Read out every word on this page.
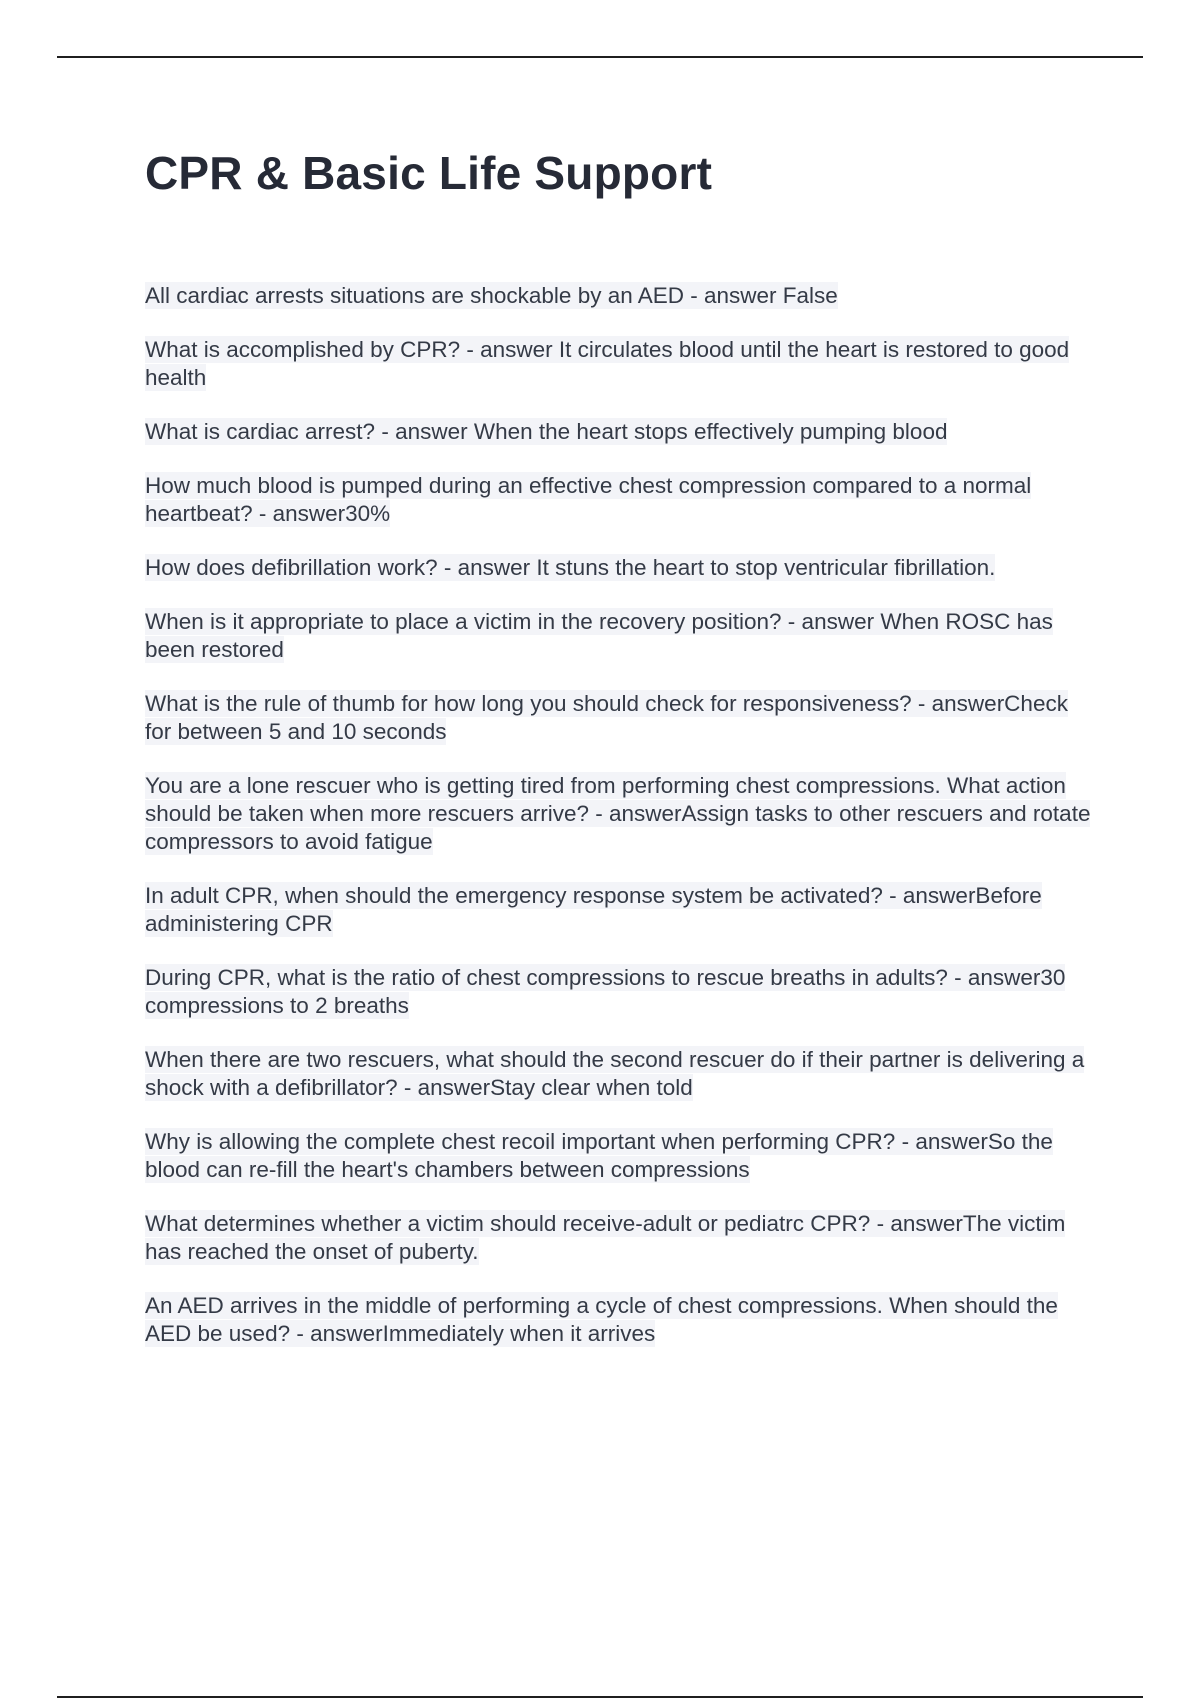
CPR & Basic Life Support
All cardiac arrests situations are shockable by an AED - answer False
What is accomplished by CPR? - answer It circulates blood until the heart is restored to good health
What is cardiac arrest? - answer When the heart stops effectively pumping blood
How much blood is pumped during an effective chest compression compared to a normal heartbeat? - answer30%
How does defibrillation work? - answer It stuns the heart to stop ventricular fibrillation.
When is it appropriate to place a victim in the recovery position? - answer When ROSC has been restored
What is the rule of thumb for how long you should check for responsiveness? - answerCheck for between 5 and 10 seconds
You are a lone rescuer who is getting tired from performing chest compressions. What action should be taken when more rescuers arrive? - answerAssign tasks to other rescuers and rotate compressors to avoid fatigue
In adult CPR, when should the emergency response system be activated? - answerBefore administering CPR
During CPR, what is the ratio of chest compressions to rescue breaths in adults? - answer30 compressions to 2 breaths
When there are two rescuers, what should the second rescuer do if their partner is delivering a shock with a defibrillator? - answerStay clear when told
Why is allowing the complete chest recoil important when performing CPR? - answerSo the blood can re-fill the heart's chambers between compressions
What determines whether a victim should receive-adult or pediatrc CPR? - answerThe victim has reached the onset of puberty.
An AED arrives in the middle of performing a cycle of chest compressions. When should the AED be used? - answerImmediately when it arrives
